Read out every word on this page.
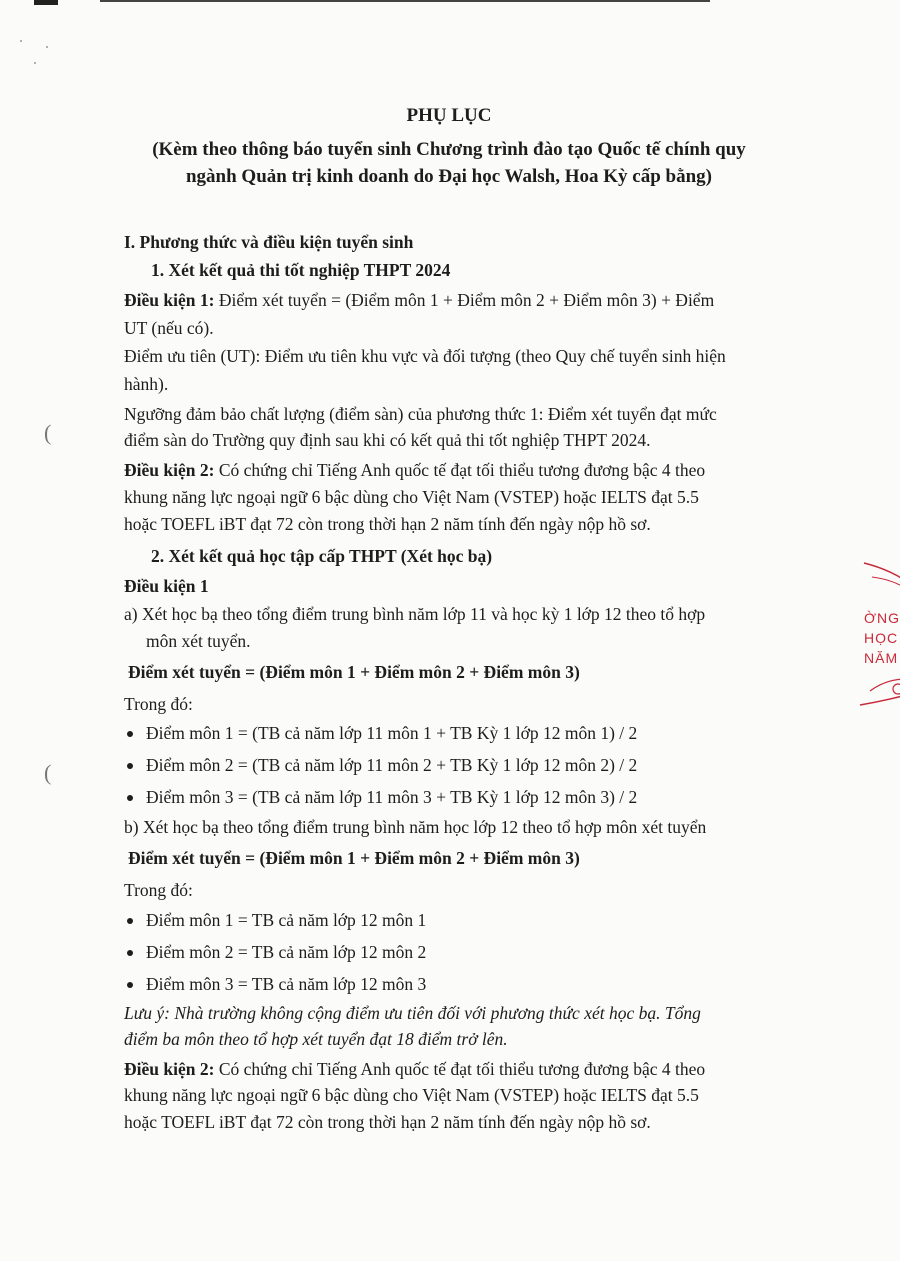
(
(
PHỤ LỤC
(Kèm theo thông báo tuyển sinh Chương trình đào tạo Quốc tế chính quy
ngành Quản trị kinh doanh do Đại học Walsh, Hoa Kỳ cấp bằng)
I. Phương thức và điều kiện tuyển sinh
1. Xét kết quả thi tốt nghiệp THPT 2024
Điều kiện 1: Điểm xét tuyển = (Điểm môn 1 + Điểm môn 2 + Điểm môn 3) + Điểm
UT (nếu có).
Điểm ưu tiên (UT): Điểm ưu tiên khu vực và đối tượng (theo Quy chế tuyển sinh hiện
hành).
Ngưỡng đảm bảo chất lượng (điểm sàn) của phương thức 1: Điểm xét tuyển đạt mức
điểm sàn do Trường quy định sau khi có kết quả thi tốt nghiệp THPT 2024.
Điều kiện 2: Có chứng chỉ Tiếng Anh quốc tế đạt tối thiểu tương đương bậc 4 theo
khung năng lực ngoại ngữ 6 bậc dùng cho Việt Nam (VSTEP) hoặc IELTS đạt 5.5
hoặc TOEFL iBT đạt 72 còn trong thời hạn 2 năm tính đến ngày nộp hồ sơ.
2. Xét kết quả học tập cấp THPT (Xét học bạ)
Điều kiện 1
a) Xét học bạ theo tổng điểm trung bình năm lớp 11 và học kỳ 1 lớp 12 theo tổ hợp
môn xét tuyển.
Điểm xét tuyển = (Điểm môn 1 + Điểm môn 2 + Điểm môn 3)
Trong đó:
Điểm môn 1 = (TB cả năm lớp 11 môn 1 + TB Kỳ 1 lớp 12 môn 1) / 2
Điểm môn 2 = (TB cả năm lớp 11 môn 2 + TB Kỳ 1 lớp 12 môn 2) / 2
Điểm môn 3 = (TB cả năm lớp 11 môn 3 + TB Kỳ 1 lớp 12 môn 3) / 2
b) Xét học bạ theo tổng điểm trung bình năm học lớp 12 theo tổ hợp môn xét tuyển
Điểm xét tuyển = (Điểm môn 1 + Điểm môn 2 + Điểm môn 3)
Trong đó:
Điểm môn 1 = TB cả năm lớp 12 môn 1
Điểm môn 2 = TB cả năm lớp 12 môn 2
Điểm môn 3 = TB cả năm lớp 12 môn 3
Lưu ý: Nhà trường không cộng điểm ưu tiên đối với phương thức xét học bạ. Tổng
điểm ba môn theo tổ hợp xét tuyển đạt 18 điểm trở lên.
Điều kiện 2: Có chứng chỉ Tiếng Anh quốc tế đạt tối thiểu tương đương bậc 4 theo
khung năng lực ngoại ngữ 6 bậc dùng cho Việt Nam (VSTEP) hoặc IELTS đạt 5.5
hoặc TOEFL iBT đạt 72 còn trong thời hạn 2 năm tính đến ngày nộp hồ sơ.
ỜNG
HỌC
NĂM
